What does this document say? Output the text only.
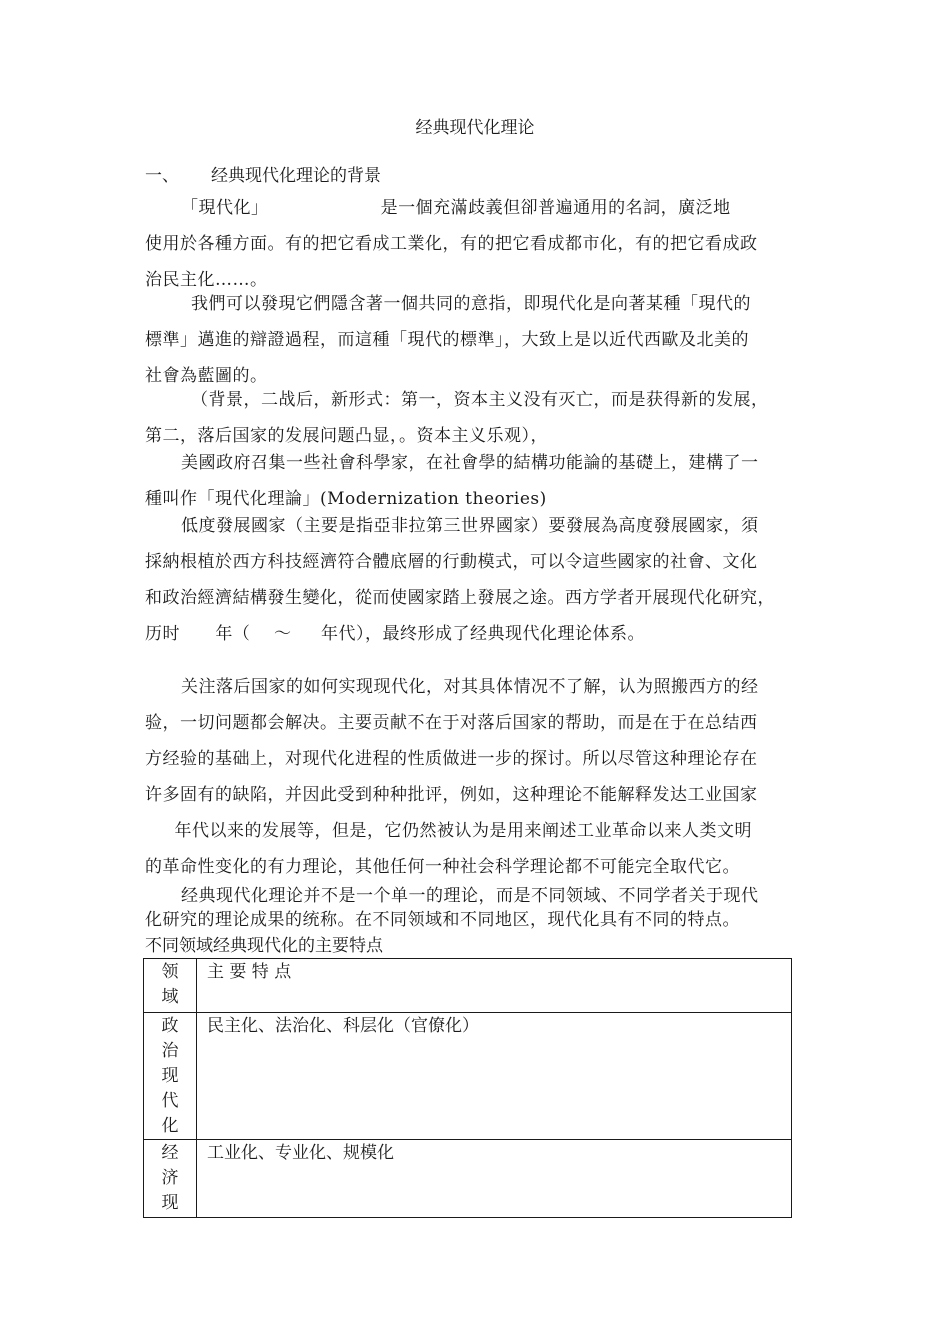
经典现代化理论
一、 经典现代化理论的背景
「現代化」                   是一個充滿歧義但卻普遍通用的名詞，廣泛地
使用於各種方面。有的把它看成工業化，有的把它看成都市化，有的把它看成政
治民主化……。
我們可以發現它們隱含著一個共同的意指，即現代化是向著某種「現代的
標準」邁進的辯證過程，而這種「現代的標準」，大致上是以近代西歐及北美的
社會為藍圖的。
（背景，二战后，新形式：第一，资本主义没有灭亡，而是获得新的发展，
第二，落后国家的发展问题凸显，。资本主义乐观），
美國政府召集一些社會科學家，在社會學的結構功能論的基礎上，建構了一
種叫作「現代化理論」(Modernization theories)
低度發展國家（主要是指亞非拉第三世界國家）要發展為高度發展國家，須
採納根植於西方科技經濟符合體底層的行動模式，可以令這些國家的社會、文化
和政治經濟結構發生變化，從而使國家踏上發展之途。西方学者开展现代化研究，
历时      年（    ～     年代），最终形成了经典现代化理论体系。
关注落后国家的如何实现现代化，对其具体情况不了解，认为照搬西方的经
验，一切问题都会解决。主要贡献不在于对落后国家的帮助，而是在于在总结西
方经验的基础上，对现代化进程的性质做进一步的探讨。所以尽管这种理论存在
许多固有的缺陷，并因此受到种种批评，例如，这种理论不能解释发达工业国家
年代以来的发展等，但是，它仍然被认为是用来阐述工业革命以来人类文明
的革命性变化的有力理论，其他任何一种社会科学理论都不可能完全取代它。
经典现代化理论并不是一个单一的理论，而是不同领域、不同学者关于现代
化研究的理论成果的统称。在不同领域和不同地区，现代化具有不同的特点。
不同领域经典现代化的主要特点
领
域	主 要 特 点

政
治
现
代
化	民主化、法治化、科层化（官僚化）

经
济
现	工业化、专业化、规模化
